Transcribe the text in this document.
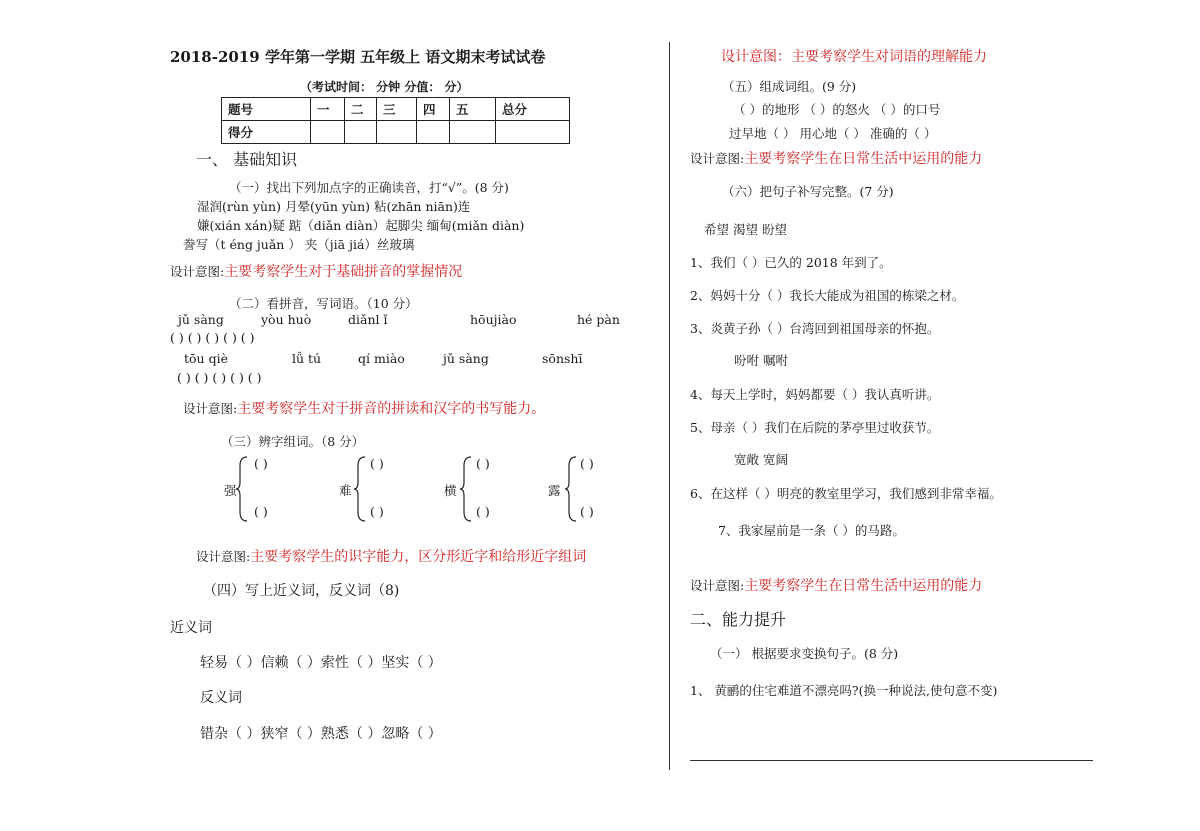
2018-2019 学年第一学期 五年级上 语文期末考试试卷
（考试时间： 分钟 分值： 分）
题号	一	二	三	四	五	总分
得分						
一、 基础知识
（一）找出下列加点字的正确读音，打“√”。(8 分)
湿润(rùn yùn) 月晕(yūn yùn) 粘(zhān niān)连
嫌(xián xán)疑 踮（diǎn diàn）起脚尖 缅甸(miǎn diàn)
誊写（t éng juǎn ） 夹（jiā jiá）丝玻璃
设计意图:主要考察学生对于基础拼音的掌握情况
（二）看拼音，写词语。（10 分）
jǔ sàng	yòu huò	diǎnl ǐ	hōujiào	hé pàn
( ) ( ) ( ) ( ) ( )
tōu qiè	lǚ tú	qí miào	jǔ sàng	sōnshī
( ) ( ) ( ) ( ) ( )
设计意图:主要考察学生对于拼音的拼读和汉字的书写能力。
（三）辨字组词。（8 分）
强
( )
( )
难
( )
( )
横
( )
( )
露
( )
( )
设计意图:主要考察学生的识字能力，区分形近字和给形近字组词
（四）写上近义词，反义词（8)
近义词
轻易（ ）信赖（ ）索性（ ）坚实（ ）
反义词
错杂（ ）狭窄（ ）熟悉（ ）忽略（ ）
设计意图：主要考察学生对词语的理解能力
（五）组成词组。(9 分)
（ ）的地形 （ ）的怒火 （ ）的口号
过早地（ ） 用心地（ ） 准确的（ ）
设计意图:主要考察学生在日常生活中运用的能力
（六）把句子补写完整。(7 分)
希望 渴望 盼望
1、我们（ ）已久的 2018 年到了。
2、妈妈十分（ ）我长大能成为祖国的栋梁之材。
3、炎黄子孙（ ）台湾回到祖国母亲的怀抱。
吩咐 嘱咐
4、每天上学时，妈妈都要（ ）我认真听讲。
5、母亲（ ）我们在后院的茅亭里过收获节。
宽敞 宽阔
6、在这样（ ）明亮的教室里学习，我们感到非常幸福。
7、我家屋前是一条（ ）的马路。
设计意图:主要考察学生在日常生活中运用的能力
二、能力提升
（一） 根据要求变换句子。(8 分)
1、 黄鹂的住宅难道不漂亮吗?(换一种说法,使句意不变)
